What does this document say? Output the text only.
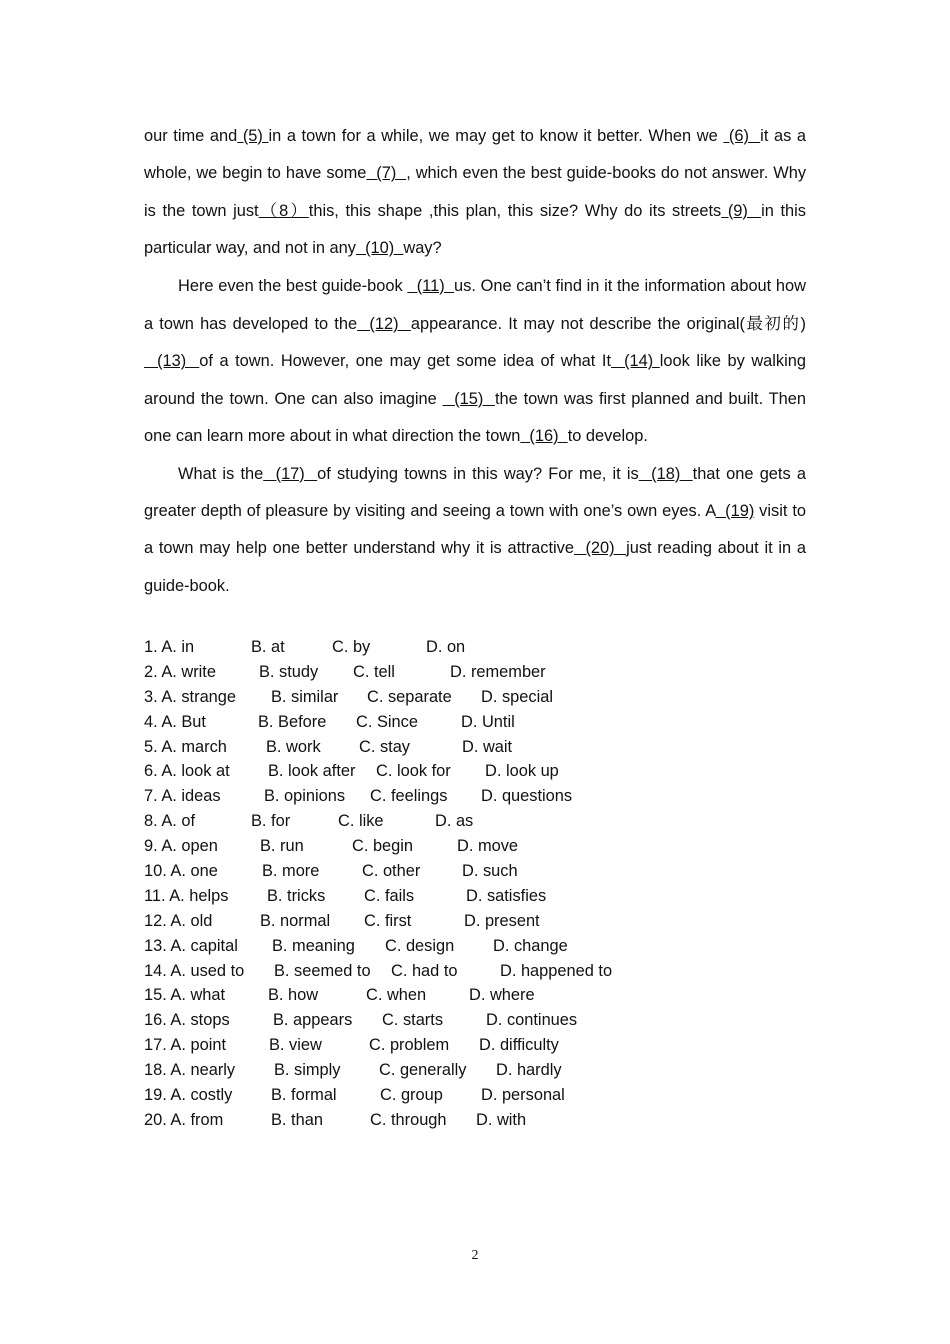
our time and (5) in a town for a while, we may get to know it better. When we  (6)  it as a whole, we begin to have some  (7)  , which even the best guide-books do not answer. Why is the town just（8）this, this shape ,this plan, this size? Why do its streets (9)  in this particular way, and not in any  (10)  way?

Here even the best guide-book   (11)  us. One can’t find in it the information about how a town has developed to the  (12)  appearance. It may not describe the original(最初的)  (13)  of a town. However, one may get some idea of what It  (14) look like by walking around the town. One can also imagine   (15)  the town was first planned and built. Then one can learn more about in what direction the town  (16)  to develop.

What is the  (17)  of studying towns in this way? For me, it is  (18)  that one gets a greater depth of pleasure by visiting and seeing a town with one’s own eyes. A  (19) visit to a town may help one better understand why it is attractive  (20)  just reading about it in a guide-book.

1. A. in	B. at	C. by	D. on
2. A. write	B. study C. tell	D. remember
3. A. strange B. similar C. separate D. special
4. A. But	B. Before C. Since	D. Until
5. A. march B. work C. stay	D. wait
6. A. look at B. look after C. look for D. look up
7. A. ideas	B. opinions C. feelings D. questions
8. A. of	B. for	C. like	D. as
9. A. open	B. run	C. begin	D. move
10. A. one	B. more	C. other	D. such
11. A. helps B. tricks C. fails	D. satisfies
12. A. old	B. normal C. first	D. present
13. A. capital B. meaning C. design D. change
14. A. used to B. seemed to C. had to	D. happened to
15. A. what	B. how	C. when	D. where
16. A. stops	B. appears C. starts	D. continues
17. A. point	B. view	C. problem D. difficulty
18. A. nearly B. simply C. generally D. hardly
19. A. costly B. formal	C. group D. personal
20. A. from	B. than	C. through D. with
2
